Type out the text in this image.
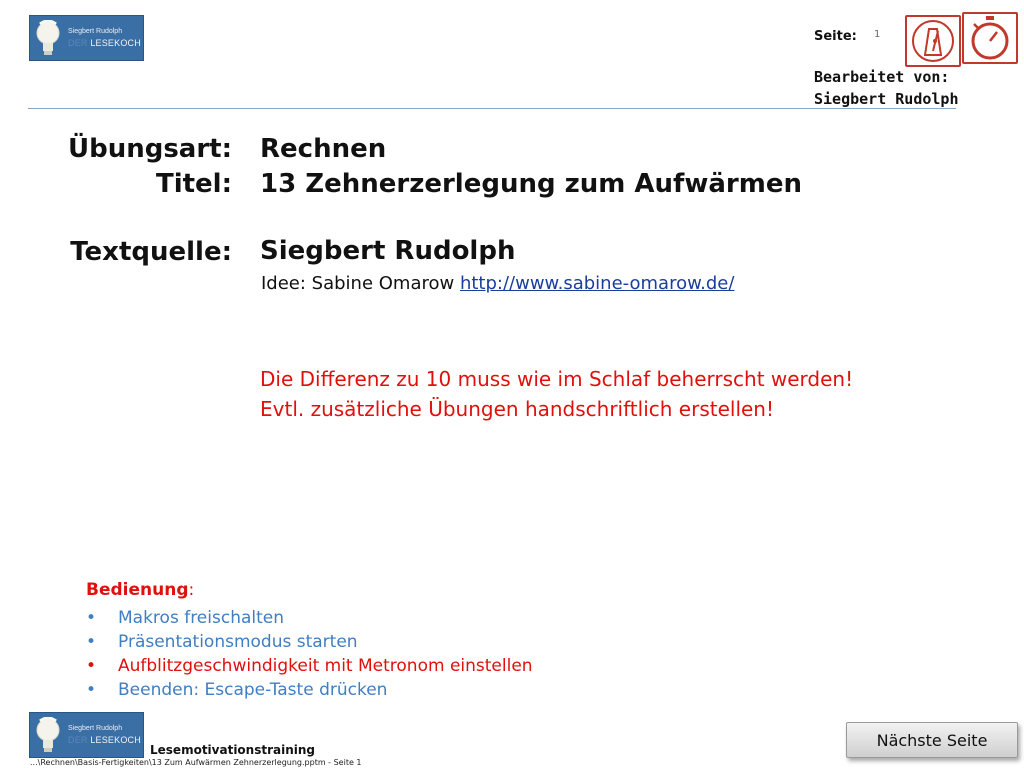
Siegbert Rudolph
DER LESEKOCH	Seite: 1
Bearbeitet von:
Siegbert Rudolph
Übungsart: Rechnen
Titel: 13 Zehnerzerlegung zum Aufwärmen
Textquelle: Siegbert Rudolph
Idee: Sabine Omarow http://www.sabine-omarow.de/
Die Differenz zu 10 muss wie im Schlaf beherrscht werden!
Evtl. zusätzliche Übungen handschriftlich erstellen!
Bedienung:
•	Makros freischalten
•	Präsentationsmodus starten
•	Aufblitzgeschwindigkeit mit Metronom einstellen
•	Beenden: Escape-Taste drücken
Siegbert Rudolph
DER LESEKOCH
Lesemotivationstraining
...\Rechnen\Basis-Fertigkeiten\13 Zum Aufwärmen Zehnerzerlegung.pptm - Seite 1
Nächste Seite
